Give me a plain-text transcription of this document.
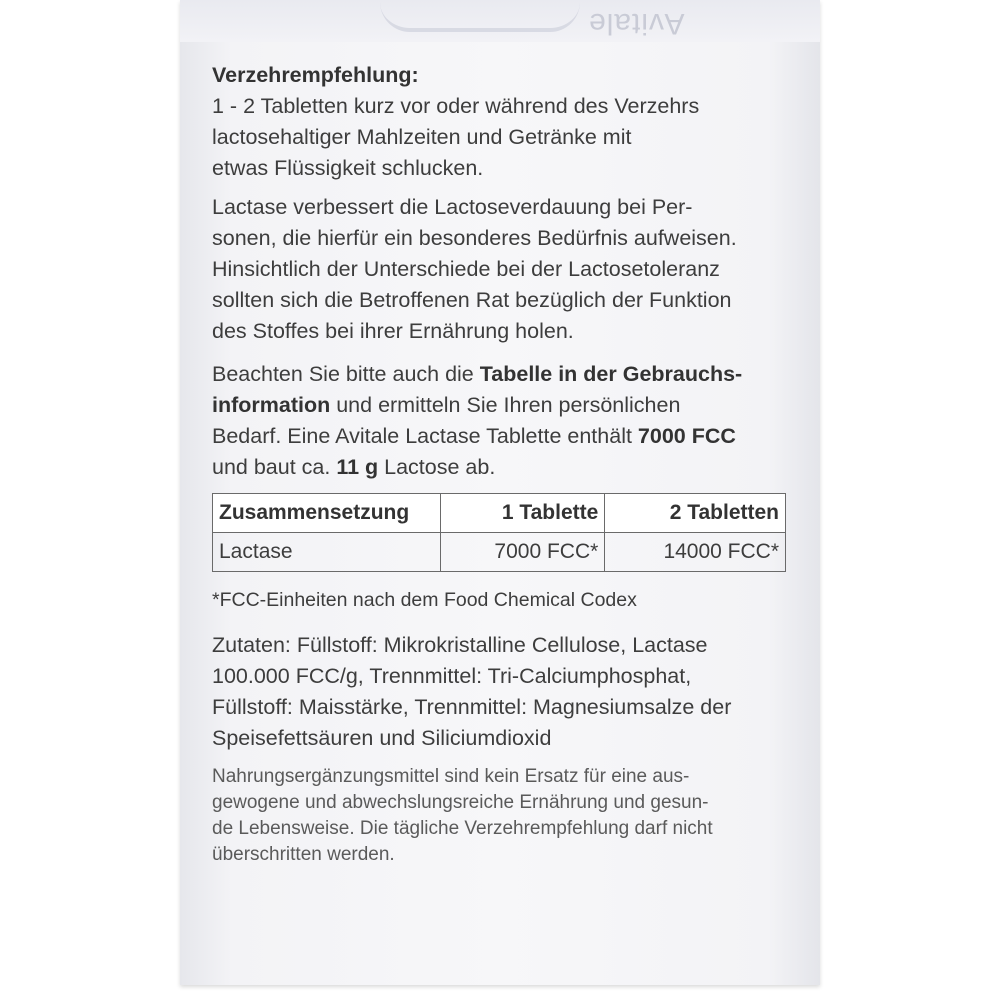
Avitale

Verzehrempfehlung:

1 - 2 Tabletten kurz vor oder während des Verzehrs

lactosehaltiger Mahlzeiten und Getränke mit

etwas Flüssigkeit schlucken.

Lactase verbessert die Lactoseverdauung bei Per-

sonen, die hierfür ein besonderes Bedürfnis aufweisen.

Hinsichtlich der Unterschiede bei der Lactosetoleranz

sollten sich die Betroffenen Rat bezüglich der Funktion

des Stoffes bei ihrer Ernährung holen.

Beachten Sie bitte auch die Tabelle in der Gebrauchs-

information und ermitteln Sie Ihren persönlichen

Bedarf. Eine Avitale Lactase Tablette enthält 7000 FCC

und baut ca. 11 g Lactose ab.

Zusammensetzung	1 Tablette	2 Tabletten
Lactase	7000 FCC*	14000 FCC*

*FCC-Einheiten nach dem Food Chemical Codex

Zutaten: Füllstoff: Mikrokristalline Cellulose, Lactase

100.000 FCC/g, Trennmittel: Tri-Calciumphosphat,

Füllstoff: Maisstärke, Trennmittel: Magnesiumsalze der

Speisefettsäuren und Siliciumdioxid

Nahrungsergänzungsmittel sind kein Ersatz für eine aus-

gewogene und abwechslungsreiche Ernährung und gesun-

de Lebensweise. Die tägliche Verzehrempfehlung darf nicht

überschritten werden.
